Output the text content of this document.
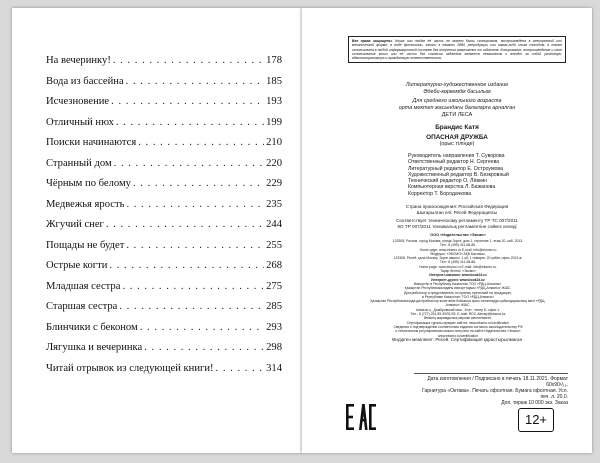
На вечеринку! . . .	178
Вода из бассейна . . .	185
Исчезновение . . .	193
Отличный нюх . . .	199
Поиски начинаются . . .	210
Странный дом . . .	220
Чёрным по белому . . .	229
Медвежья ярость . . .	235
Жгучий снег . . .	244
Пощады не будет . . .	255
Острые когти . . .	268
Младшая сестра . . .	275
Старшая сестра . . .	285
Блинчики с беконом . . .	293
Лягушка и вечеринка . . .	298
Читай отрывок из следующей книги! . . .	314
Все права защищены. Книга или любая её часть не может быть скопирована, воспроизведена в электронной или механической форме, в виде фотокопии, записи в память ЭВМ, репродукции или каким-либо иным способом, а также использована в любой информационной системе без получения разрешения от издателя. Копирование, воспроизведение и иное использование книги или её части без согласия издателя является незаконным и влечёт за собой уголовную, административную и гражданскую ответственность.
Литературно-художественное издание
Әдеби-көркемдік басылым
Для среднего школьного возраста
орта мектеп жасындағы балаларға арналған
ДЕТИ ЛЕСА
Брандис Катя
ОПАСНАЯ ДРУЖБА
(орыс тілінде)
Руководитель направления Т. Суворова
Ответственный редактор Н. Сергеева
Литературный редактор Е. Остроумова
Художественный редактор В. Безкровный
Технический редактор О. Лёвкин
Компьютерная верстка Л. Бажанова
Корректор Т. Бородачкова
Страна происхождения: Российская Федерация
Шығарылған елі: Ресей Федерациясы
Соответствует техническому регламенту ТР ТС 007/2011
КО ТР 007/2011 техникалық регламентіне сәйкес келеді
ООО «Издательство «Эксмо»
123308, Россия, город Москва, улица Зорге, дом 1, строение 1, этаж 20, каб. 2013.
Тел.: 8 (495) 411-68-86.
Home page: www.eksmo.ru E-mail: info@eksmo.ru
Өндіруші: «ЭКСМО» АҚБ Баспасы,
123308, Ресей, қала Мәскеу, Зорге көшесі, 1 үй, 1 ғимарат, 20 қабат, офис 2013 ж.
Тел.: 8 (495) 411-68-86.
Home page: www.eksmo.ru E-mail: info@eksmo.ru.
Тауар белгісі: «Эксмо»
Интернет-магазин: www.book24.ru
Интернет-дүкен: www.book24.kz
Импортёр в Республику Казахстан ТОО «РДЦ-Алматы».
Қазақстан Республикасындағы импорттаушы «РДЦ-Алматы» ЖШС.
Дистрибьютор и представитель по приему претензий на продукцию,
в Республике Казахстан: ТОО «РДЦ-Алматы»
Қазақстан Республикасында дистрибьютор және өнім бойынша арыз-талаптарды қабылдаушының өкілі «РДЦ-Алматы» ЖШС,
Алматы қ., Домбровский көш., 3«а», литер Б, офис 1.
Тел.: 8 (727) 251-59-90/91/92; E-mail: RDC-Almaty@eksmo.kz
Өнімнің жарамдылық мерзімі шектелмеген.
Сертификация туралы ақпарат сайтта: www.eksmo.ru/certification
Сведения о подтверждении соответствия издания согласно законодательству РФ
о техническом регулировании можно получить на сайте Издательства «Эксмо»
www.eksmo.ru/certification
Өндірген мемлекет: Ресей. Сертификация қарастырылмаған
Дата изготовления / Подписано в печать 18.11.2021. Формат 60x90¹/₁₆.
Гарнитура «Октава». Печать офсетная. Бумага офсетная. Усл. печ. л. 20,0.
Доп. тираж 10 000 экз. Заказ
12+
